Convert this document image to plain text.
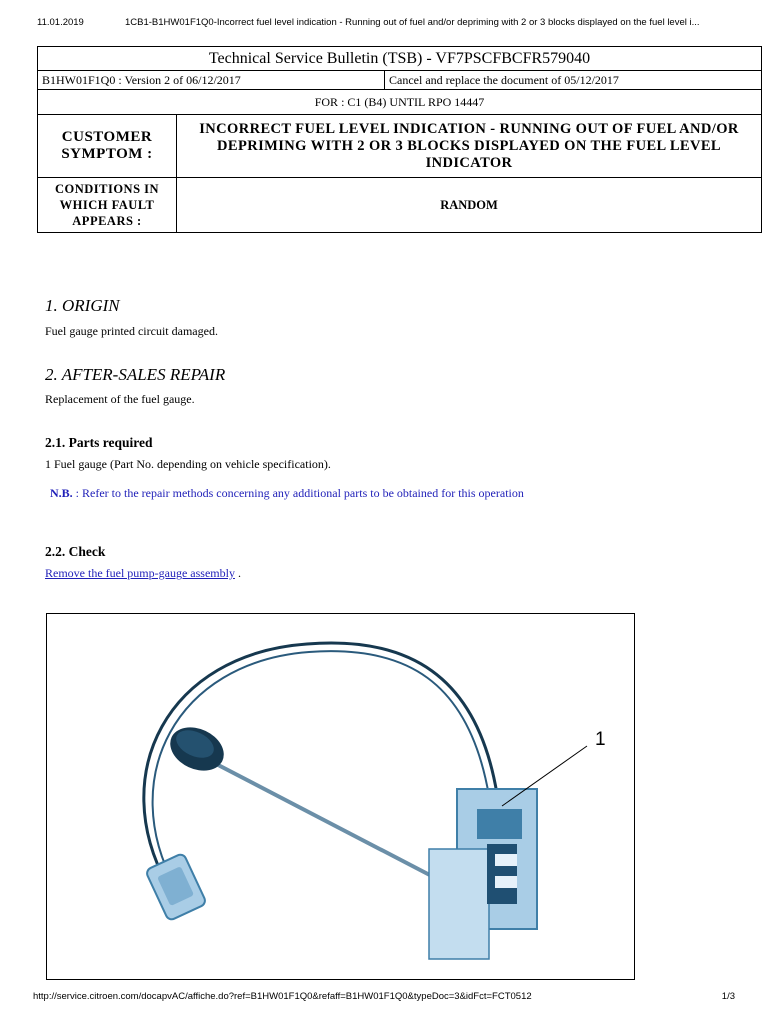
11.01.2019	1CB1-B1HW01F1Q0-Incorrect fuel level indication - Running out of fuel and/or depriming with 2 or 3 blocks displayed on the fuel level i...
Technical Service Bulletin (TSB) - VF7PSCFBCFR579040		
B1HW01F1Q0 : Version 2 of 06/12/2017		Cancel and replace the document of 05/12/2017
FOR : C1 (B4) UNTIL RPO 14447		
CUSTOMER SYMPTOM :	INCORRECT FUEL LEVEL INDICATION - RUNNING OUT OF FUEL AND/OR DEPRIMING WITH 2 OR 3 BLOCKS DISPLAYED ON THE FUEL LEVEL INDICATOR	
CONDITIONS IN WHICH FAULT APPEARS :	RANDOM	
1. ORIGIN

Fuel gauge printed circuit damaged.

2. AFTER-SALES REPAIR

Replacement of the fuel gauge.

2.1. Parts required

1 Fuel gauge (Part No. depending on vehicle specification).

N.B. : Refer to the repair methods concerning any additional parts to be obtained for this operation
2.2. Check

Remove the fuel pump-gauge assembly .

1
http://service.citroen.com/docapvAC/affiche.do?ref=B1HW01F1Q0&refaff=B1HW01F1Q0&typeDoc=3&idFct=FCT0512	1/3
